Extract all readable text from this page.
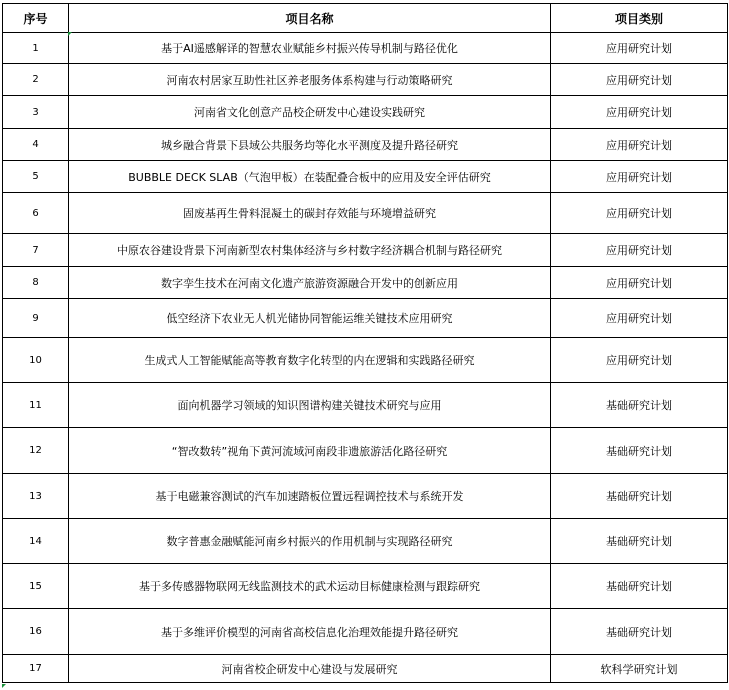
序号	项目名称	项目类别
1	基于AI遥感解译的智慧农业赋能乡村振兴传导机制与路径优化	应用研究计划
2	河南农村居家互助性社区养老服务体系构建与行动策略研究	应用研究计划
3	河南省文化创意产品校企研发中心建设实践研究	应用研究计划
4	城乡融合背景下县域公共服务均等化水平测度及提升路径研究	应用研究计划
5	BUBBLE DECK SLAB（气泡甲板）在装配叠合板中的应用及安全评估研究	应用研究计划
6	固废基再生骨料混凝土的碳封存效能与环境增益研究	应用研究计划
7	中原农谷建设背景下河南新型农村集体经济与乡村数字经济耦合机制与路径研究	应用研究计划
8	数字孪生技术在河南文化遗产旅游资源融合开发中的创新应用	应用研究计划
9	低空经济下农业无人机光储协同智能运维关键技术应用研究	应用研究计划
10	生成式人工智能赋能高等教育数字化转型的内在逻辑和实践路径研究	应用研究计划
11	面向机器学习领域的知识图谱构建关键技术研究与应用	基础研究计划
12	“智改数转”视角下黄河流域河南段非遗旅游活化路径研究	基础研究计划
13	基于电磁兼容测试的汽车加速踏板位置远程调控技术与系统开发	基础研究计划
14	数字普惠金融赋能河南乡村振兴的作用机制与实现路径研究	基础研究计划
15	基于多传感器物联网无线监测技术的武术运动目标健康检测与跟踪研究	基础研究计划
16	基于多维评价模型的河南省高校信息化治理效能提升路径研究	基础研究计划
17	河南省校企研发中心建设与发展研究	软科学研究计划
